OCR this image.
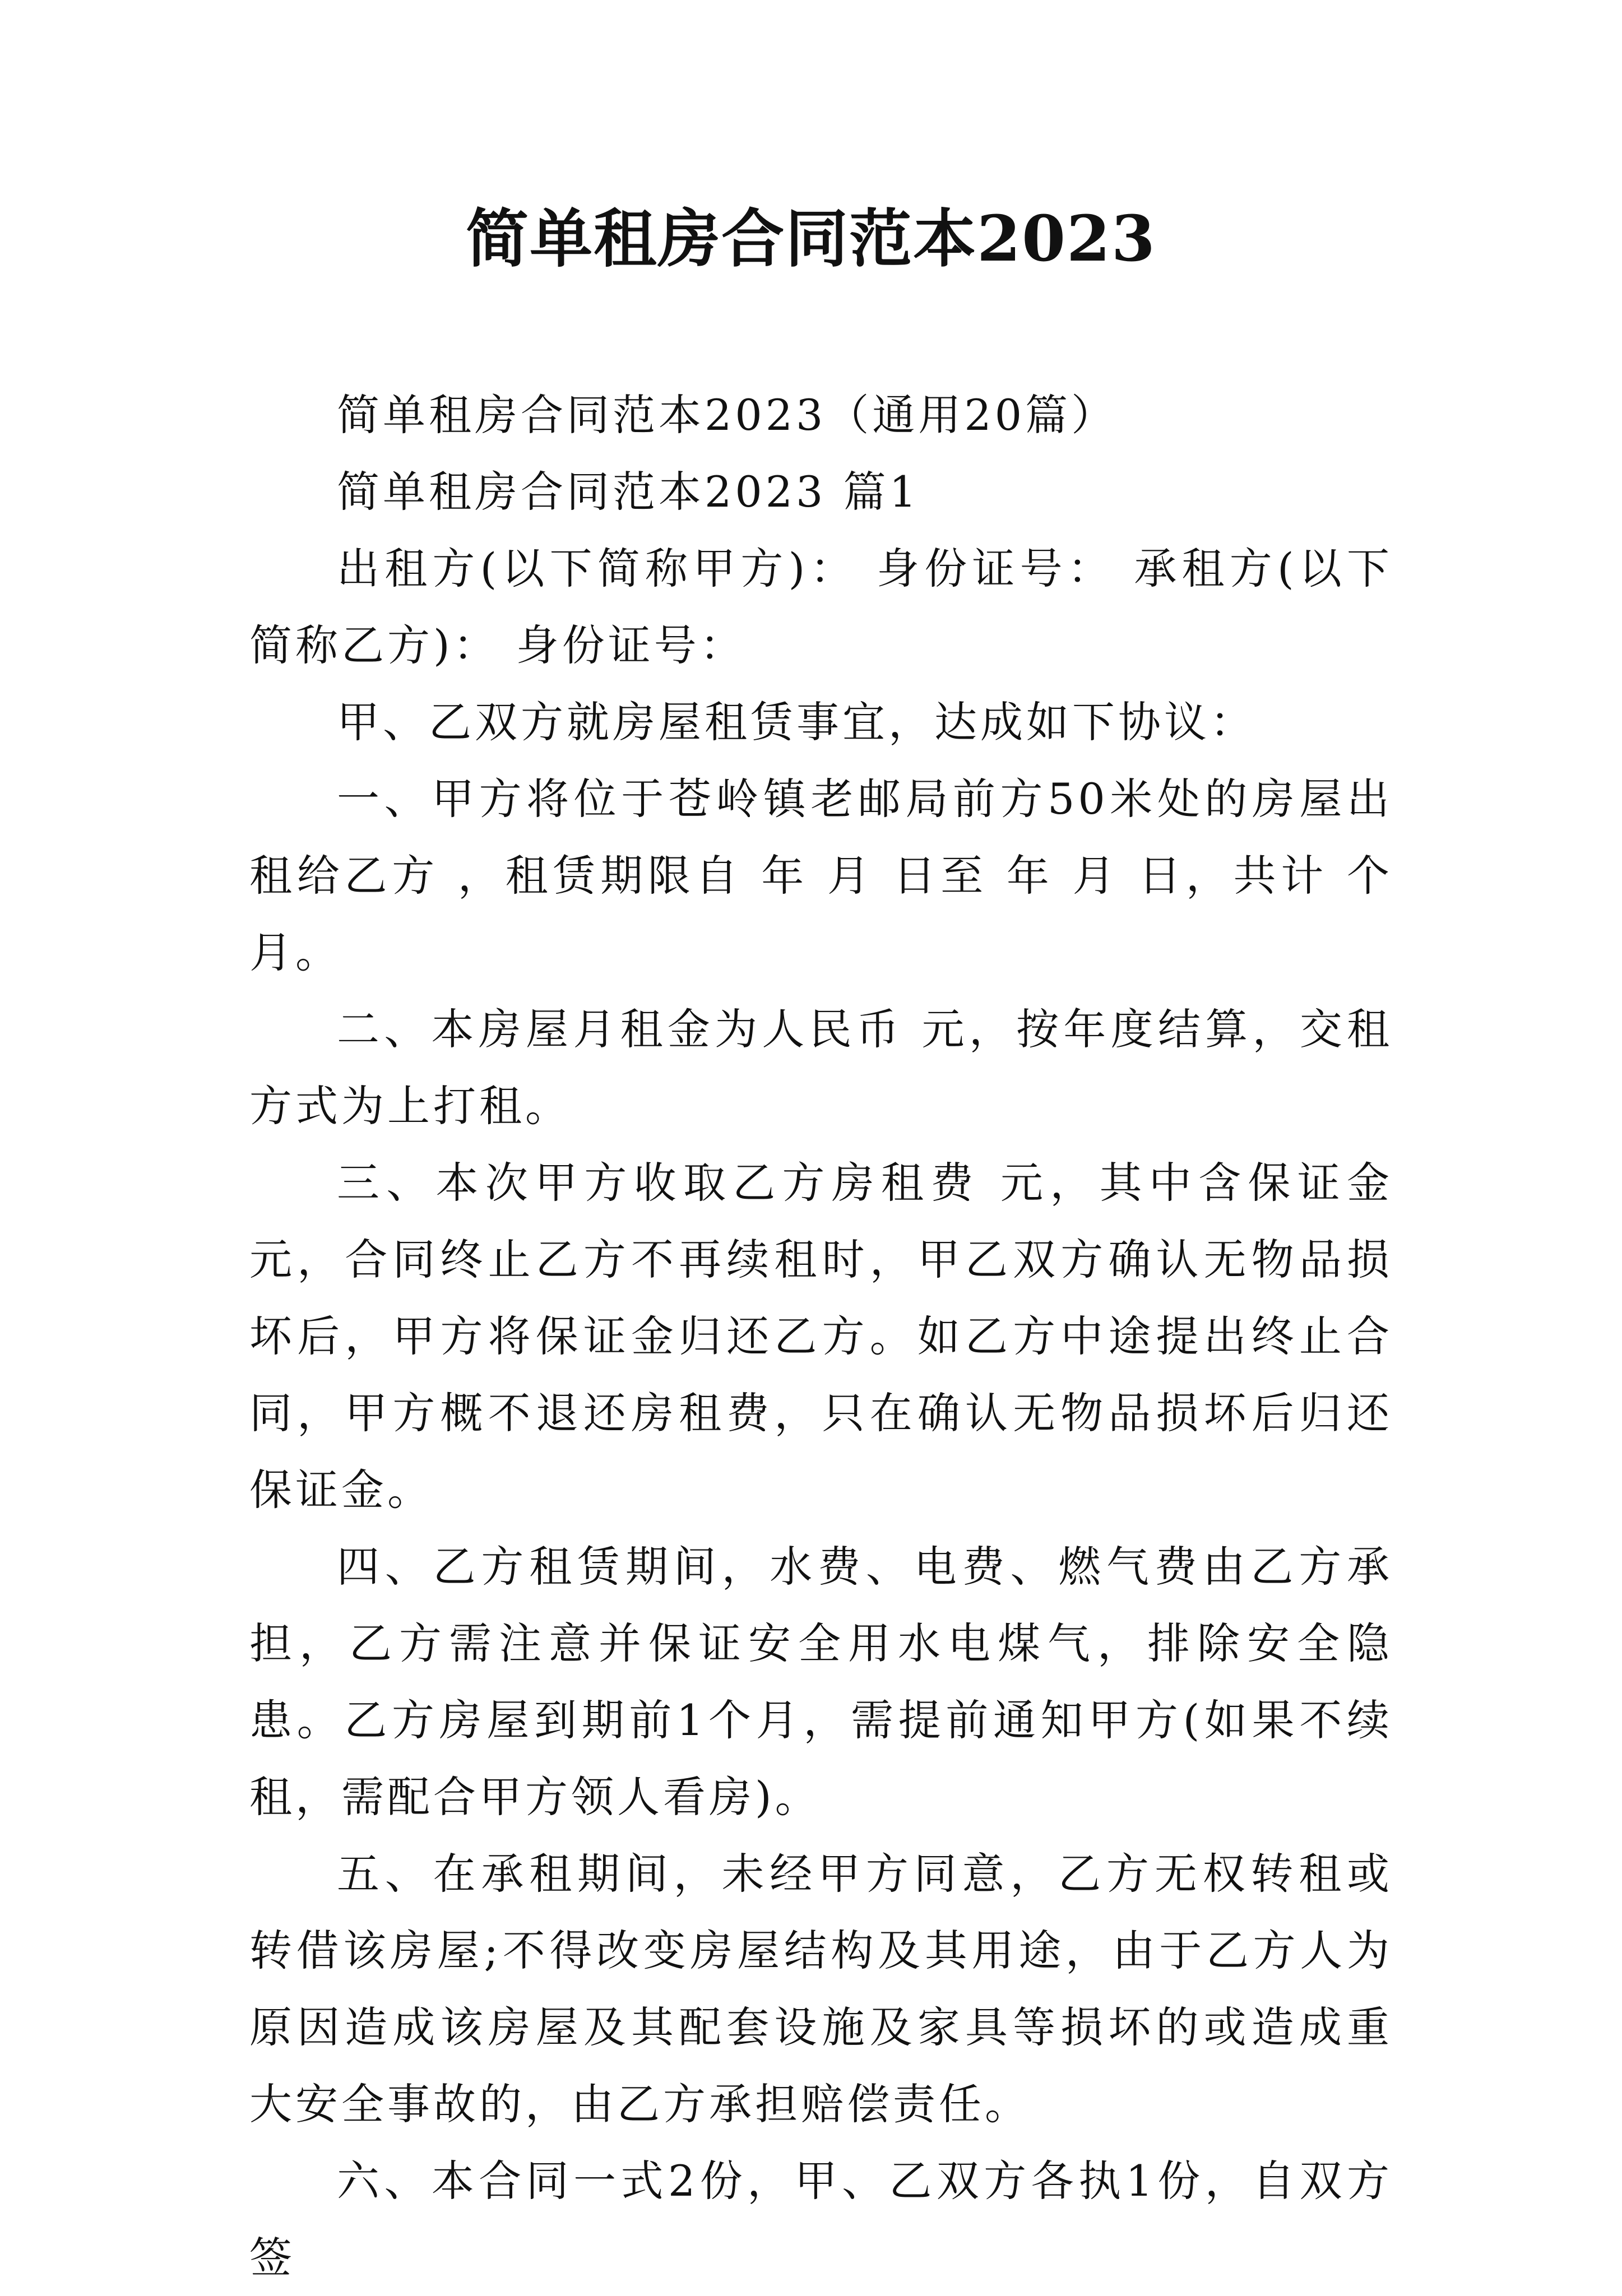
简单租房合同范本2023

简单租房合同范本2023（通用20篇）

简单租房合同范本2023 篇1

出租方(以下简称甲方)： 身份证号： 承租方(以下简称乙方)： 身份证号：

甲、乙双方就房屋租赁事宜，达成如下协议：

一、甲方将位于苍岭镇老邮局前方50米处的房屋出租给乙方 ，租赁期限自 年 月 日至 年 月 日，共计 个月。

二、本房屋月租金为人民币 元，按年度结算，交租方式为上打租。

三、本次甲方收取乙方房租费 元，其中含保证金 元，合同终止乙方不再续租时，甲乙双方确认无物品损坏后，甲方将保证金归还乙方。如乙方中途提出终止合同，甲方概不退还房租费，只在确认无物品损坏后归还保证金。

四、乙方租赁期间，水费、电费、燃气费由乙方承担，乙方需注意并保证安全用水电煤气，排除安全隐患。乙方房屋到期前1个月，需提前通知甲方(如果不续租，需配合甲方领人看房)。

五、在承租期间，未经甲方同意，乙方无权转租或转借该房屋;不得改变房屋结构及其用途，由于乙方人为原因造成该房屋及其配套设施及家具等损坏的或造成重大安全事故的，由乙方承担赔偿责任。

六、本合同一式2份，甲、乙双方各执1份，自双方签
